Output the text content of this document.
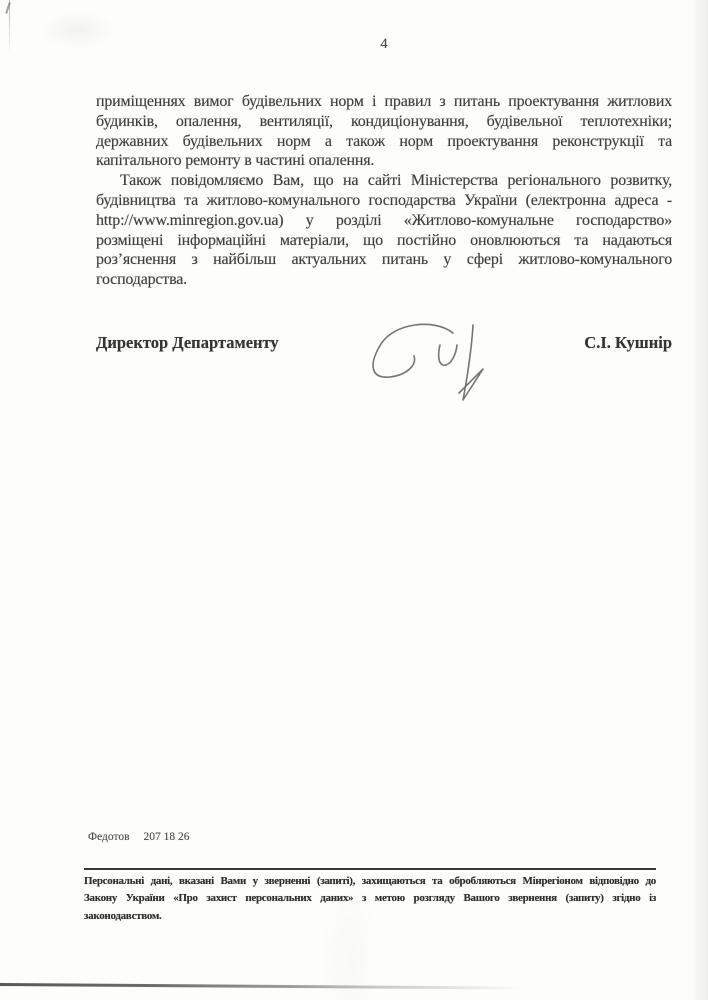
4
приміщеннях вимог будівельних норм і правил з питань проектування житлових
будинків, опалення, вентиляції, кондиціонування, будівельної теплотехніки;
державних будівельних норм а також норм проектування реконструкції та
капітального ремонту в частині опалення.
Також повідомляємо Вам, що на сайті Міністерства регіонального розвитку,
будівництва та житлово-комунального господарства України (електронна адреса -
http://www.minregion.gov.ua) у розділі «Житлово-комунальне господарство»
розміщені інформаційні матеріали, що постійно оновлюються та надаються
роз’яснення з найбільш актуальних питань у сфері житлово-комунального
господарства.
Директор Департаменту	С.І. Кушнір
Федотов 207 18 26
Персональні дані, вказані Вами у зверненні (запиті), захищаються та обробляються Мінрегіоном відповідно до
Закону України «Про захист персональних даних» з метою розгляду Вашого звернення (запиту) згідно із
законодавством.
